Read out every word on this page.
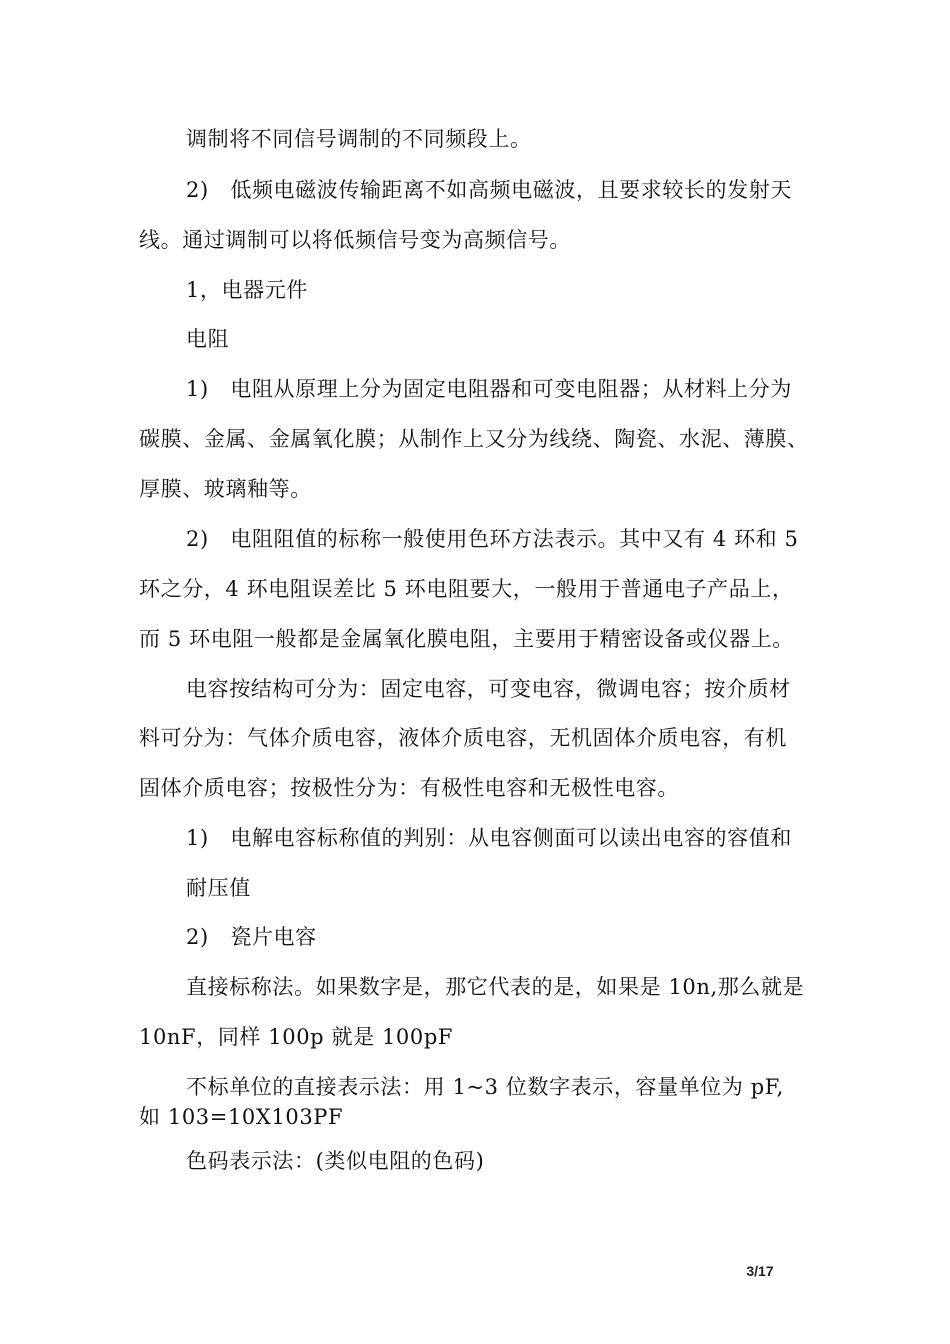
调制将不同信号调制的不同频段上。
2)　低频电磁波传输距离不如高频电磁波，且要求较长的发射天
线。通过调制可以将低频信号变为高频信号。
1，电器元件
电阻
1)　电阻从原理上分为固定电阻器和可变电阻器；从材料上分为
碳膜、金属、金属氧化膜；从制作上又分为线绕、陶瓷、水泥、薄膜、
厚膜、玻璃釉等。
2)　电阻阻值的标称一般使用色环方法表示。其中又有 4 环和 5
环之分，4 环电阻误差比 5 环电阻要大，一般用于普通电子产品上，
而 5 环电阻一般都是金属氧化膜电阻，主要用于精密设备或仪器上。
电容按结构可分为：固定电容，可变电容，微调电容；按介质材
料可分为：气体介质电容，液体介质电容，无机固体介质电容，有机
固体介质电容；按极性分为：有极性电容和无极性电容。
1)　电解电容标称值的判别：从电容侧面可以读出电容的容值和
耐压值
2)　瓷片电容
直接标称法。如果数字是，那它代表的是，如果是 10n,那么就是
10nF，同样 100p 就是 100pF
不标单位的直接表示法：用 1~3 位数字表示，容量单位为 pF,
如 103=10X103PF
色码表示法：(类似电阻的色码)
3/17
